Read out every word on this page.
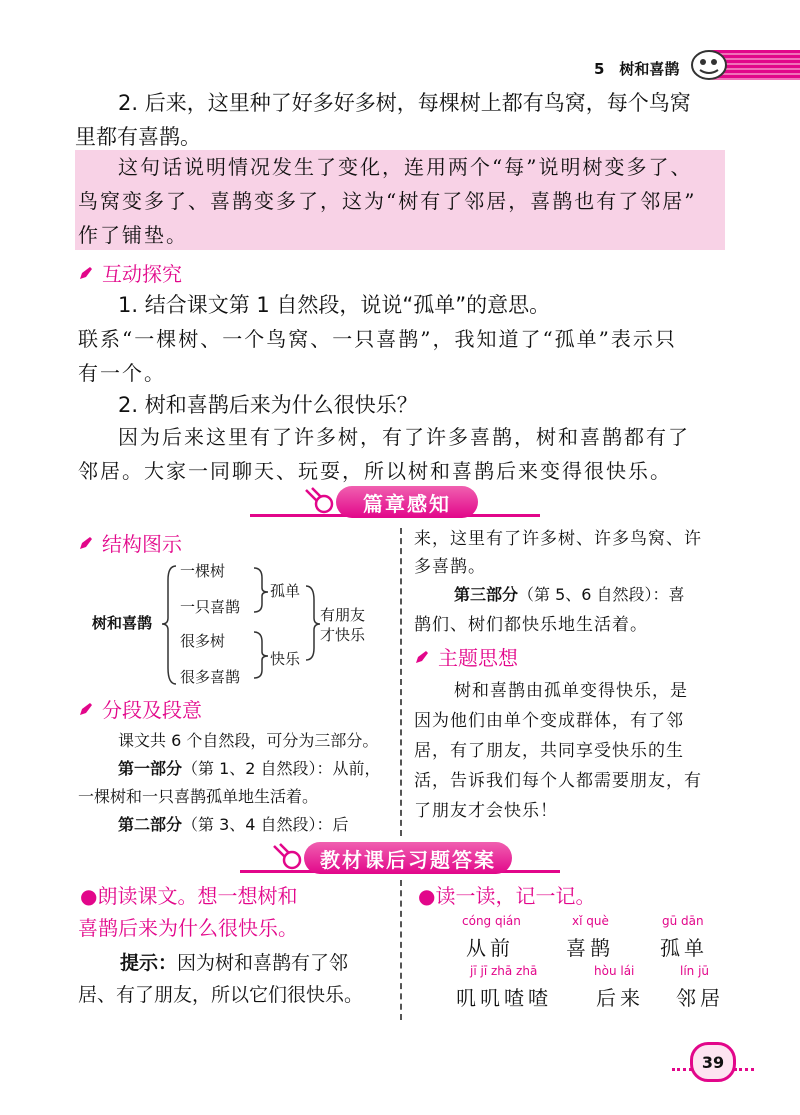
5　树和喜鹊
2. 后来，这里种了好多好多树，每棵树上都有鸟窝，每个鸟窝
里都有喜鹊。
这句话说明情况发生了变化，连用两个“每”说明树变多了、
鸟窝变多了、喜鹊变多了，这为“树有了邻居，喜鹊也有了邻居”
作了铺垫。
互动探究
1. 结合课文第 1 自然段，说说“孤单”的意思。
联系“一棵树、一个鸟窝、一只喜鹊”，我知道了“孤单”表示只
有一个。
2. 树和喜鹊后来为什么很快乐？
因为后来这里有了许多树，有了许多喜鹊，树和喜鹊都有了
邻居。大家一同聊天、玩耍，所以树和喜鹊后来变得很快乐。
篇章感知
结构图示
树和喜鹊
一棵树
一只喜鹊
很多树
很多喜鹊
孤单
快乐
有朋友
才快乐
分段及段意
课文共 6 个自然段，可分为三部分。
第一部分（第 1、2 自然段）：从前，
一棵树和一只喜鹊孤单地生活着。
第二部分（第 3、4 自然段）：后
来，这里有了许多树、许多鸟窝、许
多喜鹊。
第三部分（第 5、6 自然段）：喜
鹊们、树们都快乐地生活着。
主题思想
树和喜鹊由孤单变得快乐，是
因为他们由单个变成群体，有了邻
居，有了朋友，共同享受快乐的生
活，告诉我们每个人都需要朋友，有
了朋友才会快乐！
教材课后习题答案
●朗读课文。想一想树和
喜鹊后来为什么很快乐。
提示：因为树和喜鹊有了邻
居、有了朋友，所以它们很快乐。
●读一读，记一记。
cóng qián
从前
xǐ què
喜鹊
gū dān
孤单
jī jī zhā zhā
叽叽喳喳
hòu lái
后来
lín jū
邻居
39
